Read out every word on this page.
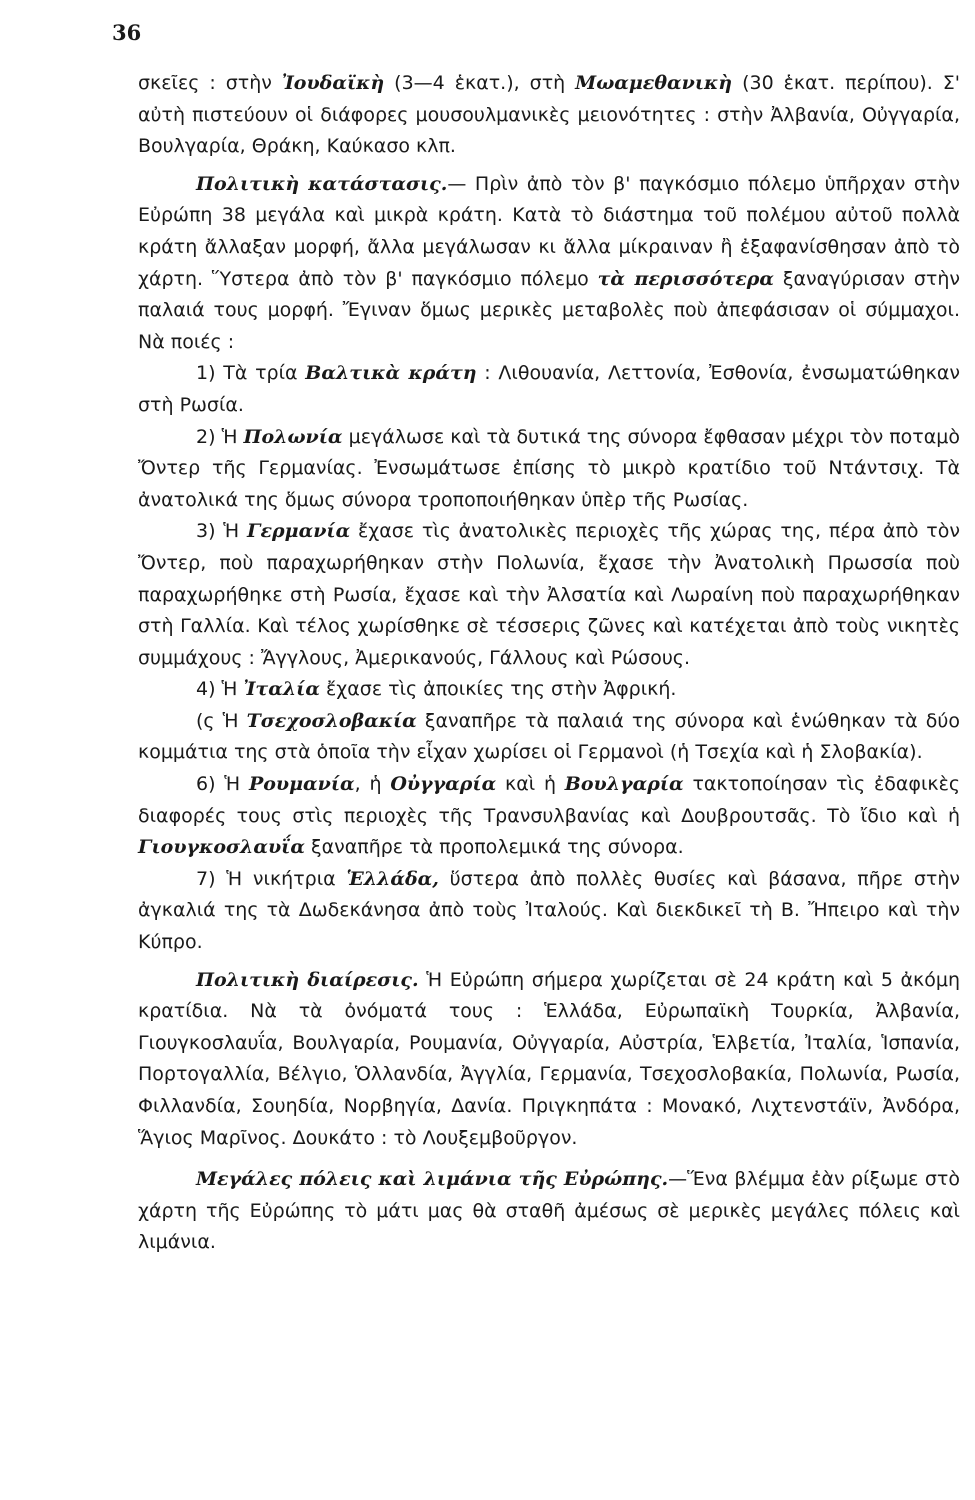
36

σκεῖες : στὴν Ἰουδαϊκὴ (3—4 ἑκατ.), στὴ Μωαμεθανικὴ (30 ἑκατ. περίπου). Σ' αὐτὴ πιστεύουν οἱ διάφορες μουσουλμανικὲς μειονότητες : στὴν Ἀλβανία, Οὐγγαρία, Βουλγαρία, Θράκη, Καύκασο κλπ.

Πολιτικὴ κατάστασις.— Πρὶν ἀπὸ τὸν β' παγκόσμιο πόλεμο ὑπῆρχαν στὴν Εὐρώπη 38 μεγάλα καὶ μικρὰ κράτη. Κατὰ τὸ διάστημα τοῦ πολέμου αὐτοῦ πολλὰ κράτη ἄλλαξαν μορφή, ἄλλα μεγάλωσαν κι ἄλλα μίκραιναν ἢ ἐξαφανίσθησαν ἀπὸ τὸ χάρτη. Ὕστερα ἀπὸ τὸν β' παγκόσμιο πόλεμο τὰ περισσότερα ξαναγύρισαν στὴν παλαιά τους μορφή. Ἔγιναν ὅμως μερικὲς μεταβολὲς ποὺ ἀπεφάσισαν οἱ σύμμαχοι. Νὰ ποιές :

1) Τὰ τρία Βαλτικὰ κράτη : Λιθουανία, Λεττονία, Ἐσθονία, ἐνσωματώθηκαν στὴ Ρωσία.

2) Ἡ Πολωνία μεγάλωσε καὶ τὰ δυτικά της σύνορα ἔφθασαν μέχρι τὸν ποταμὸ Ὄντερ τῆς Γερμανίας. Ἐνσωμάτωσε ἐπίσης τὸ μικρὸ κρατίδιο τοῦ Ντάντσιχ. Τὰ ἀνατολικά της ὅμως σύνορα τροποποιήθηκαν ὑπὲρ τῆς Ρωσίας.

3) Ἡ Γερμανία ἔχασε τὶς ἀνατολικὲς περιοχὲς τῆς χώρας της, πέρα ἀπὸ τὸν Ὄντερ, ποὺ παραχωρήθηκαν στὴν Πολωνία, ἔχασε τὴν Ἀνατολικὴ Πρωσσία ποὺ παραχωρήθηκε στὴ Ρωσία, ἔχασε καὶ τὴν Ἀλσατία καὶ Λωραίνη ποὺ παραχωρήθηκαν στὴ Γαλλία. Καὶ τέλος χωρίσθηκε σὲ τέσσερις ζῶνες καὶ κατέχεται ἀπὸ τοὺς νικητὲς συμμάχους : Ἄγγλους, Ἀμερικανούς, Γάλλους καὶ Ρώσους.

4) Ἡ Ἰταλία ἔχασε τὶς ἀποικίες της στὴν Ἀφρική.

(ς Ἡ Τσεχοσλοβακία ξαναπῆρε τὰ παλαιά της σύνορα καὶ ἑνώθηκαν τὰ δύο κομμάτια της στὰ ὁποῖα τὴν εἶχαν χωρίσει οἱ Γερμανοὶ (ἡ Τσεχία καὶ ἡ Σλοβακία).

6) Ἡ Ρουμανία, ἡ Οὐγγαρία καὶ ἡ Βουλγαρία τακτοποίησαν τὶς ἐδαφικὲς διαφορές τους στὶς περιοχὲς τῆς Τρανσυλβανίας καὶ Δουβρουτσᾶς. Τὸ ἴδιο καὶ ἡ Γιουγκοσλαυΐα ξαναπῆρε τὰ προπολεμικά της σύνορα.

7) Ἡ νικήτρια Ἑλλάδα, ὕστερα ἀπὸ πολλὲς θυσίες καὶ βάσανα, πῆρε στὴν ἀγκαλιά της τὰ Δωδεκάνησα ἀπὸ τοὺς Ἰταλούς. Καὶ διεκδικεῖ τὴ Β. Ἤπειρο καὶ τὴν Κύπρο.

Πολιτικὴ διαίρεσις. Ἡ Εὐρώπη σήμερα χωρίζεται σὲ 24 κράτη καὶ 5 ἀκόμη κρατίδια. Νὰ τὰ ὀνόματά τους : Ἑλλάδα, Εὐρωπαϊκὴ Τουρκία, Ἀλβανία, Γιουγκοσλαυΐα, Βουλγαρία, Ρουμανία, Οὐγγαρία, Αὐστρία, Ἑλβετία, Ἰταλία, Ἱσπανία, Πορτογαλλία, Βέλγιο, Ὁλλανδία, Ἀγγλία, Γερμανία, Τσεχοσλοβακία, Πολωνία, Ρωσία, Φιλλανδία, Σουηδία, Νορβηγία, Δανία. Πριγκηπάτα : Μονακό, Λιχτενστάϊν, Ἀνδόρα, Ἅγιος Μαρῖνος. Δουκάτο : τὸ Λουξεμβοῦργον.

Μεγάλες πόλεις καὶ λιμάνια τῆς Εὐρώπης.—Ἕνα βλέμμα ἐὰν ρίξωμε στὸ χάρτη τῆς Εὐρώπης τὸ μάτι μας θὰ σταθῆ ἀμέσως σὲ μερικὲς μεγάλες πόλεις καὶ λιμάνια.
